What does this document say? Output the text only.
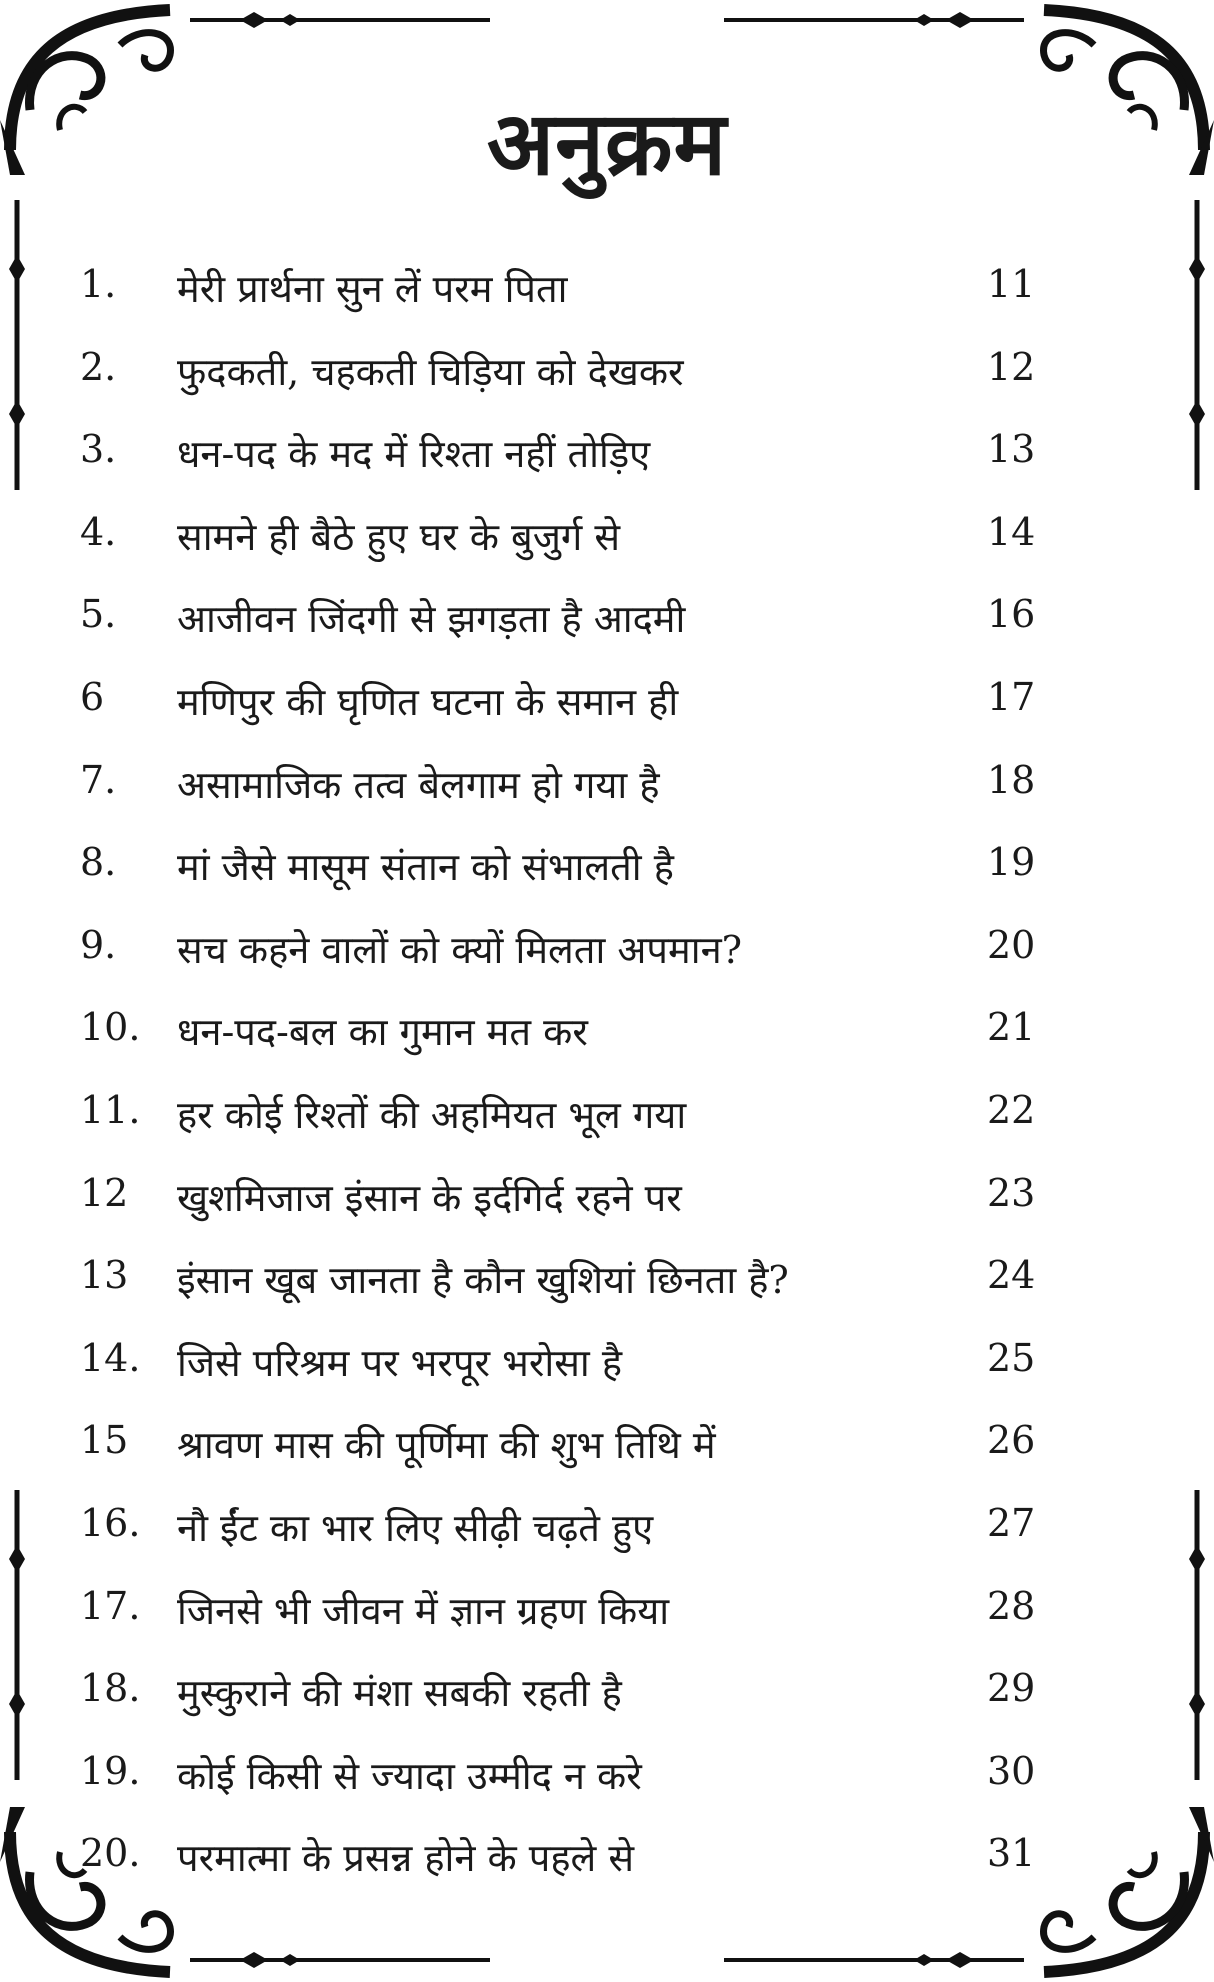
अनुक्रम
1. मेरी प्रार्थना सुन लें परम पिता	11
2. फुदकती, चहकती चिड़िया को देखकर	12
3. धन-पद के मद में रिश्ता नहीं तोड़िए	13
4. सामने ही बैठे हुए घर के बुजुर्ग से	14
5. आजीवन जिंदगी से झगड़ता है आदमी	16
6 मणिपुर की घृणित घटना के समान ही	17
7. असामाजिक तत्व बेलगाम हो गया है	18
8. मां जैसे मासूम संतान को संभालती है	19
9. सच कहने वालों को क्यों मिलता अपमान?	20
10. धन-पद-बल का गुमान मत कर	21
11. हर कोई रिश्तों की अहमियत भूल गया	22
12 खुशमिजाज इंसान के इर्दगिर्द रहने पर	23
13 इंसान खूब जानता है कौन खुशियां छिनता है?	24
14. जिसे परिश्रम पर भरपूर भरोसा है	25
15 श्रावण मास की पूर्णिमा की शुभ तिथि में	26
16. नौ ईंट का भार लिए सीढ़ी चढ़ते हुए	27
17. जिनसे भी जीवन में ज्ञान ग्रहण किया	28
18. मुस्कुराने की मंशा सबकी रहती है	29
19. कोई किसी से ज्यादा उम्मीद न करे	30
20. परमात्मा के प्रसन्न होने के पहले से	31
